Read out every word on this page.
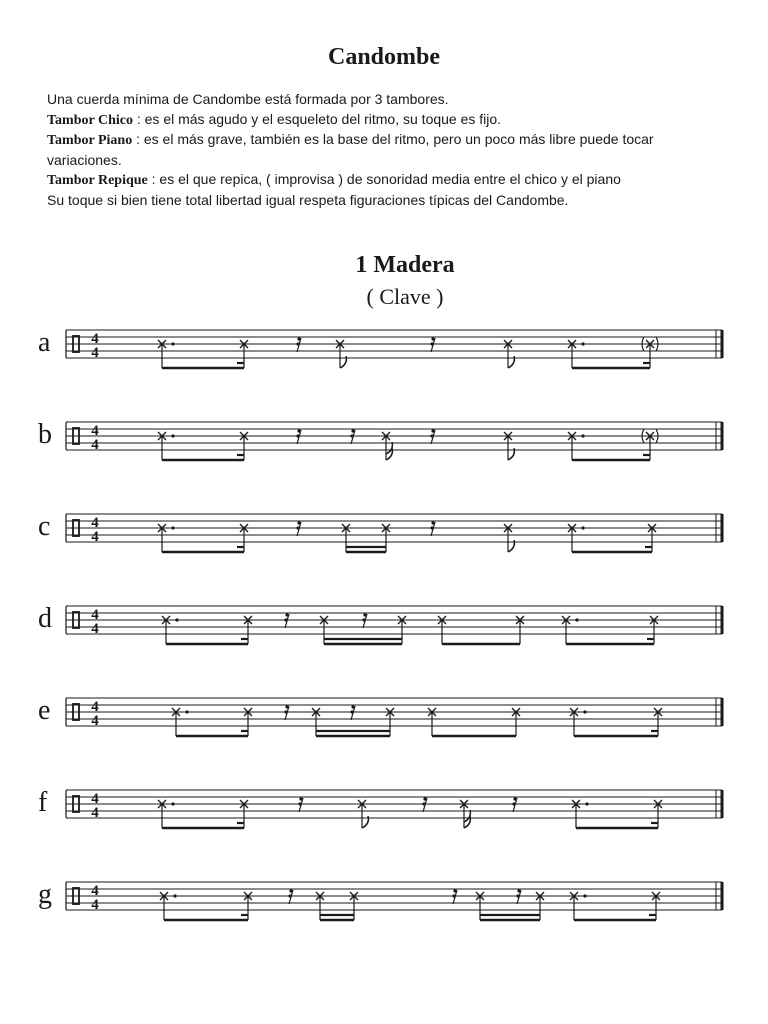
Candombe

Una cuerda mínima de Candombe está formada por 3 tambores.

Tambor Chico : es el más agudo y el esqueleto del ritmo, su toque es fijo.

Tambor Piano : es el más grave, también es la base del ritmo, pero un poco más libre puede tocar variaciones.

Tambor Repique : es el que repica, ( improvisa ) de sonoridad media entre el chico y el piano

Su toque si bien tiene total libertad igual respeta figuraciones típicas del Candombe.

1 Madera
( Clave )
a	4
4
b	4
4
c	4
4
d	4
4
e	4
4
f	4
4
g	4
4
